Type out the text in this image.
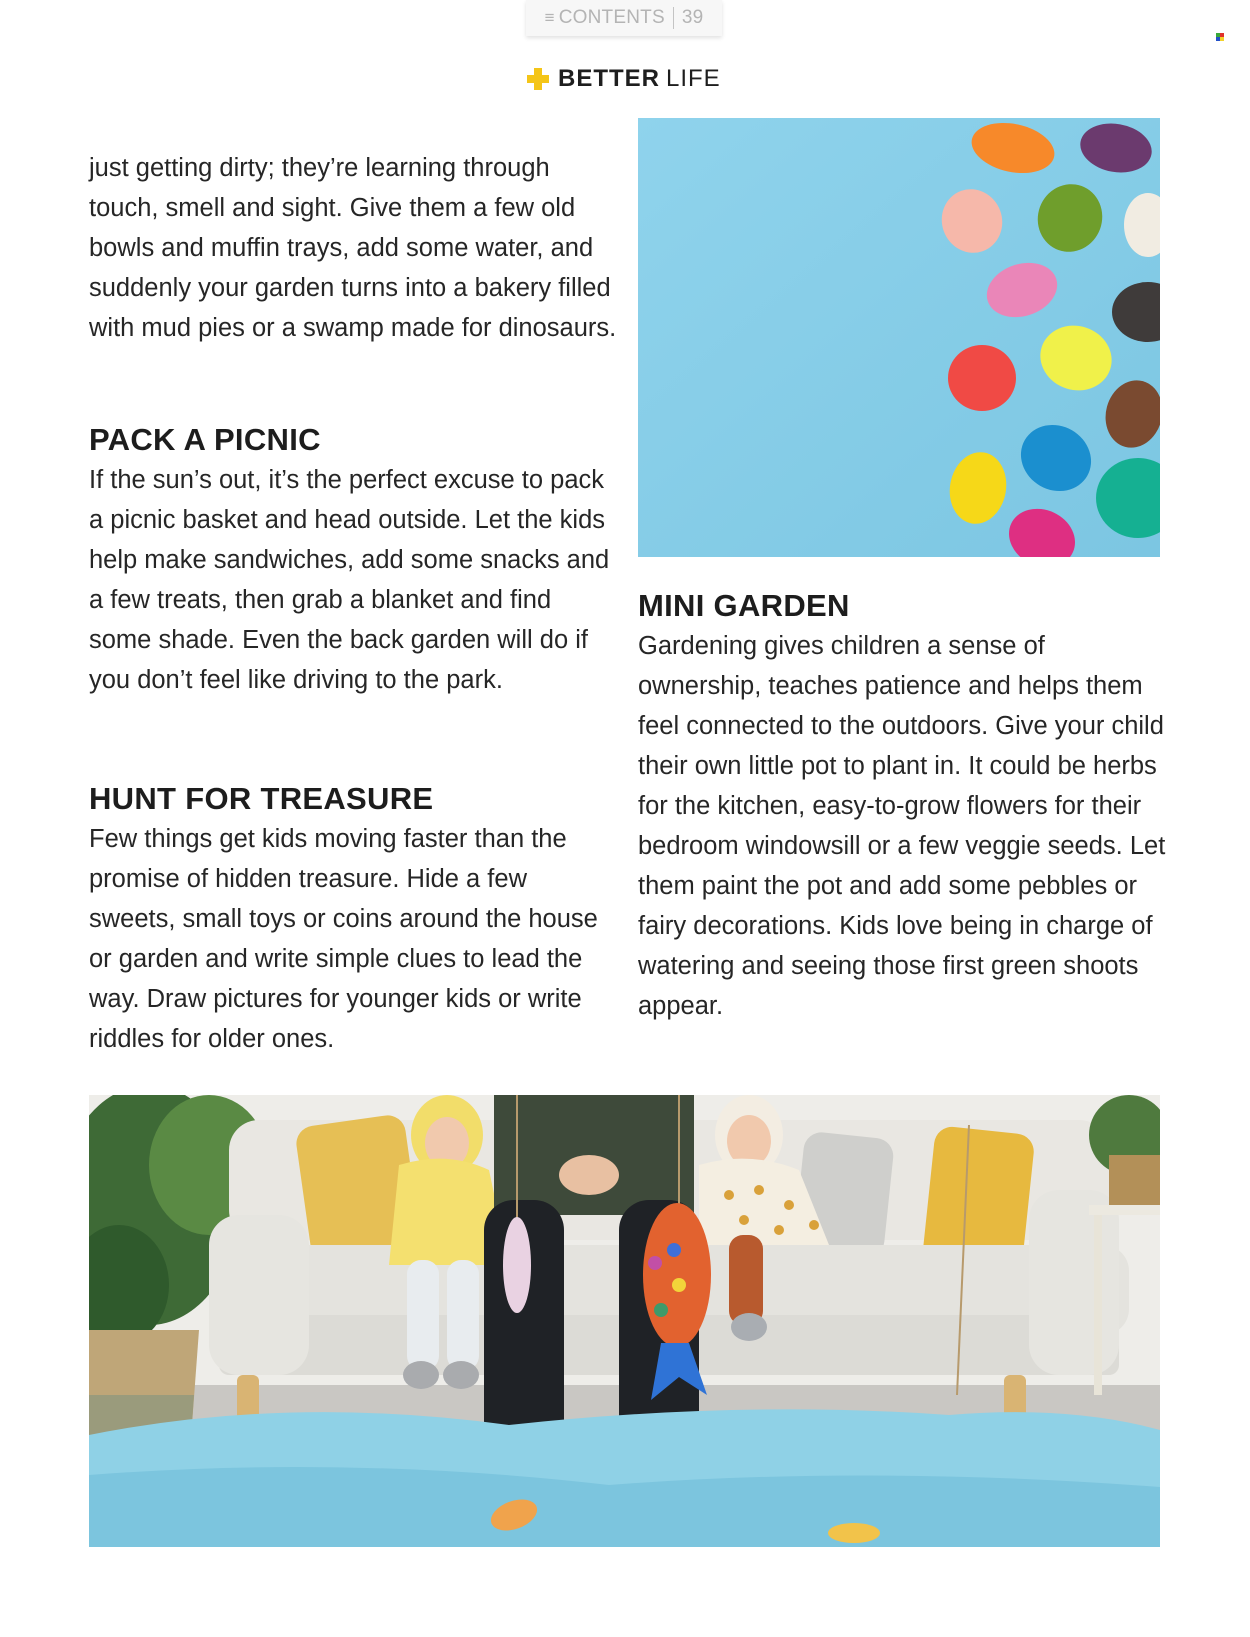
≡ CONTENTS 39
BETTER LIFE

just getting dirty; they’re learning through touch, smell and sight. Give them a few old bowls and muffin trays, add some water, and suddenly your garden turns into a bakery filled with mud pies or a swamp made for dinosaurs.

PACK A PICNIC

If the sun’s out, it’s the perfect excuse to pack a picnic basket and head outside. Let the kids help make sandwiches, add some snacks and a few treats, then grab a blanket and find some shade. Even the back garden will do if you don’t feel like driving to the park.

HUNT FOR TREASURE

Few things get kids moving faster than the promise of hidden treasure. Hide a few sweets, small toys or coins around the house or garden and write simple clues to lead the way. Draw pictures for younger kids or write riddles for older ones.

MINI GARDEN

Gardening gives children a sense of ownership, teaches patience and helps them feel connected to the outdoors. Give your child their own little pot to plant in. It could be herbs for the kitchen, easy-to-grow flowers for their bedroom windowsill or a few veggie seeds. Let them paint the pot and add some pebbles or fairy decorations. Kids love being in charge of watering and seeing those first green shoots appear.
